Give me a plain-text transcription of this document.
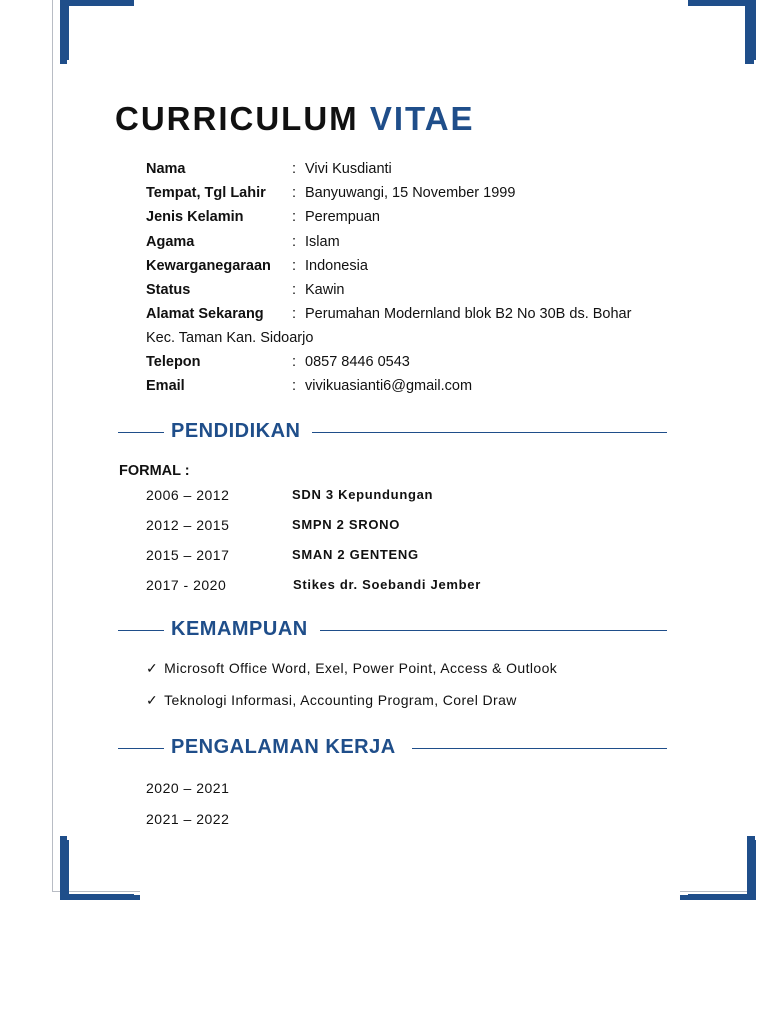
CURRICULUM VITAE
Nama	: Vivi Kusdianti
Tempat, Tgl Lahir : Banyuwangi, 15 November 1999
Jenis Kelamin	: Perempuan
Agama	: Islam
Kewarganegaraan : Indonesia
Status	: Kawin
Alamat Sekarang : Perumahan Modernland blok B2 No 30B ds. Bohar
Kec. Taman Kan. Sidoarjo
Telepon	: 0857 8446 0543
Email	: vivikuasianti6@gmail.com
PENDIDIKAN
FORMAL :
2006 – 2012	SDN 3 Kepundungan
2012 – 2015	SMPN 2 SRONO
2015 – 2017	SMAN 2 GENTENG
2017 - 2020	Stikes dr. Soebandi Jember
KEMAMPUAN
✓ Microsoft Office Word, Exel, Power Point, Access & Outlook
✓ Teknologi Informasi, Accounting Program, Corel Draw
PENGALAMAN KERJA
2020 – 2021
2021 – 2022
